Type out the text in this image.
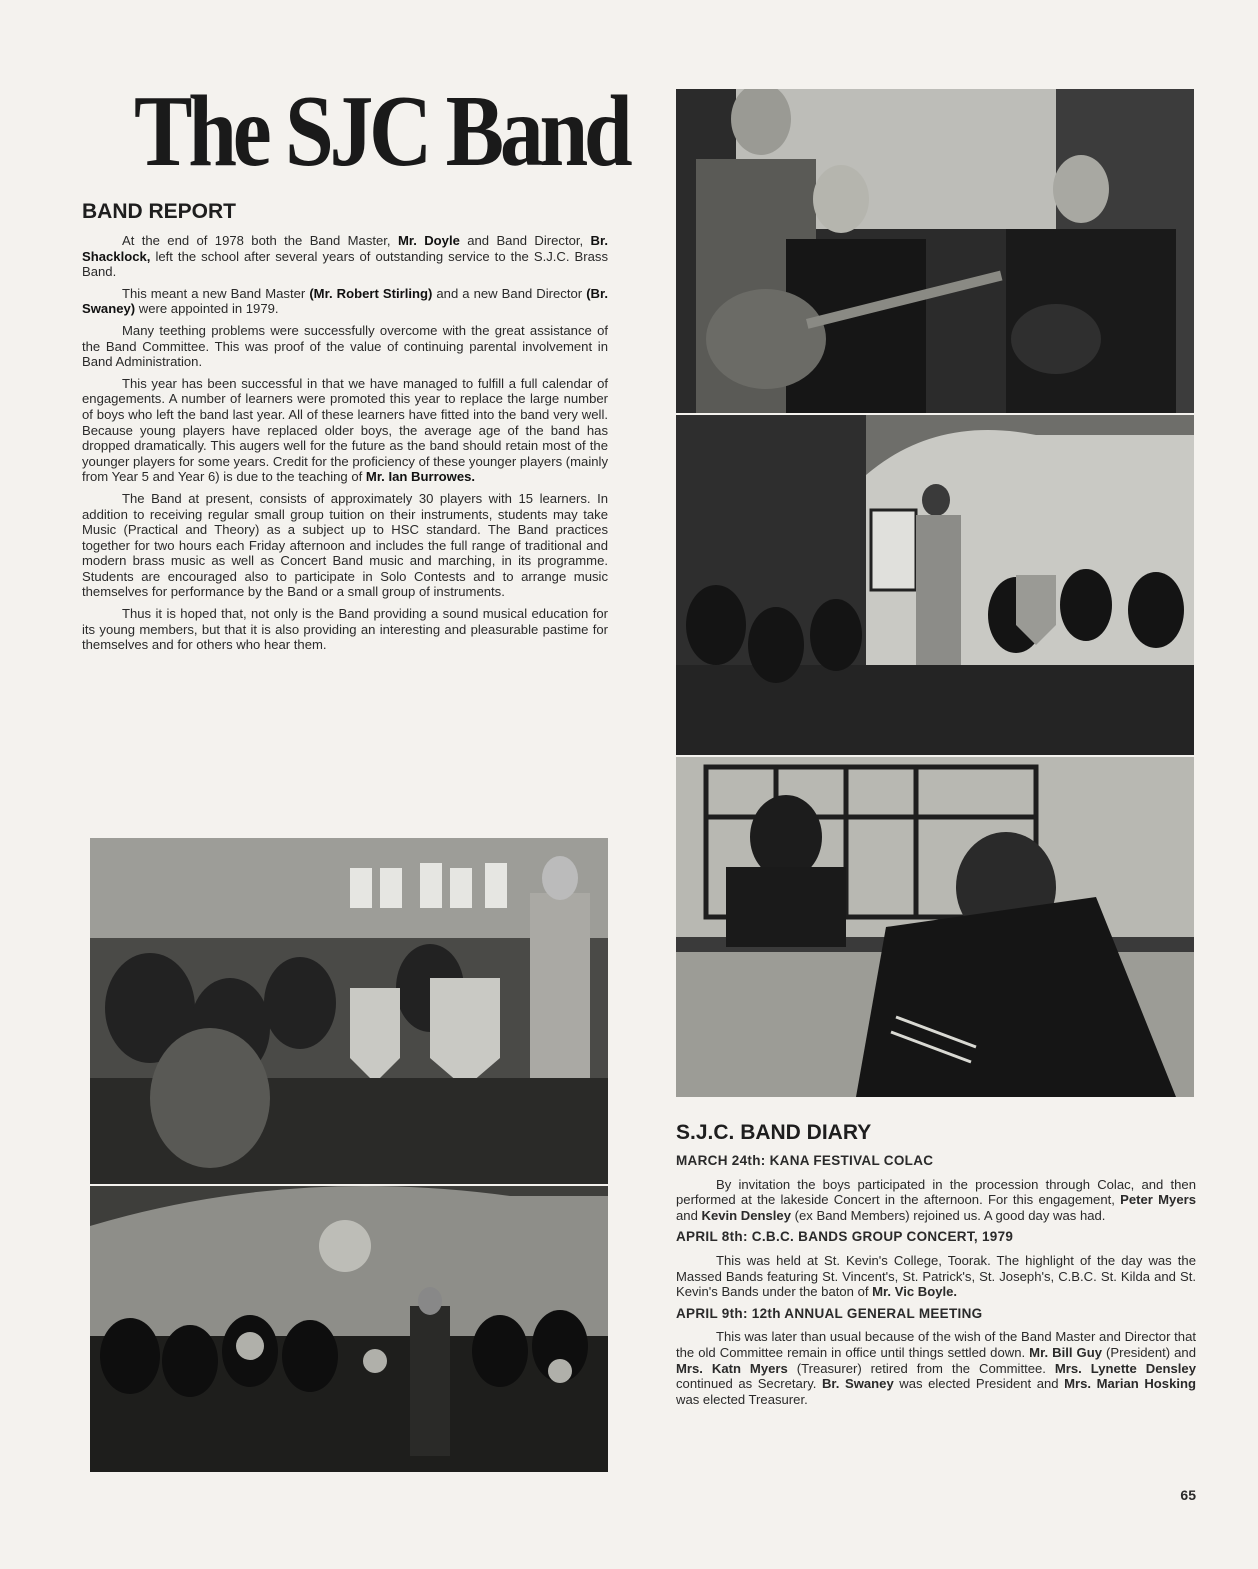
The SJC Band
BAND REPORT

At the end of 1978 both the Band Master, Mr. Doyle and Band Director, Br. Shacklock, left the school after several years of outstanding service to the S.J.C. Brass Band.

This meant a new Band Master (Mr. Robert Stirling) and a new Band Director (Br. Swaney) were appointed in 1979.

Many teething problems were successfully overcome with the great assistance of the Band Committee. This was proof of the value of continuing parental involvement in Band Administration.

This year has been successful in that we have managed to fulfill a full calendar of engagements. A number of learners were promoted this year to replace the large number of boys who left the band last year. All of these learners have fitted into the band very well. Because young players have replaced older boys, the average age of the band has dropped dramatically. This augers well for the future as the band should retain most of the younger players for some years. Credit for the proficiency of these younger players (mainly from Year 5 and Year 6) is due to the teaching of Mr. Ian Burrowes.

The Band at present, consists of approximately 30 players with 15 learners. In addition to receiving regular small group tuition on their instruments, students may take Music (Practical and Theory) as a subject up to HSC standard. The Band practices together for two hours each Friday afternoon and includes the full range of traditional and modern brass music as well as Concert Band music and marching, in its programme. Students are encouraged also to participate in Solo Contests and to arrange music themselves for performance by the Band or a small group of instruments.

Thus it is hoped that, not only is the Band providing a sound musical education for its young members, but that it is also providing an interesting and pleasurable pastime for themselves and for others who hear them.

S.J.C. BAND DIARY
MARCH 24th: KANA FESTIVAL COLAC

By invitation the boys participated in the procession through Colac, and then performed at the lakeside Concert in the afternoon. For this engagement, Peter Myers and Kevin Densley (ex Band Members) rejoined us. A good day was had.

APRIL 8th: C.B.C. BANDS GROUP CONCERT, 1979

This was held at St. Kevin's College, Toorak. The highlight of the day was the Massed Bands featuring St. Vincent's, St. Patrick's, St. Joseph's, C.B.C. St. Kilda and St. Kevin's Bands under the baton of Mr. Vic Boyle.

APRIL 9th: 12th ANNUAL GENERAL MEETING

This was later than usual because of the wish of the Band Master and Director that the old Committee remain in office until things settled down. Mr. Bill Guy (President) and Mrs. Katn Myers (Treasurer) retired from the Committee. Mrs. Lynette Densley continued as Secretary. Br. Swaney was elected President and Mrs. Marian Hosking was elected Treasurer.

65
